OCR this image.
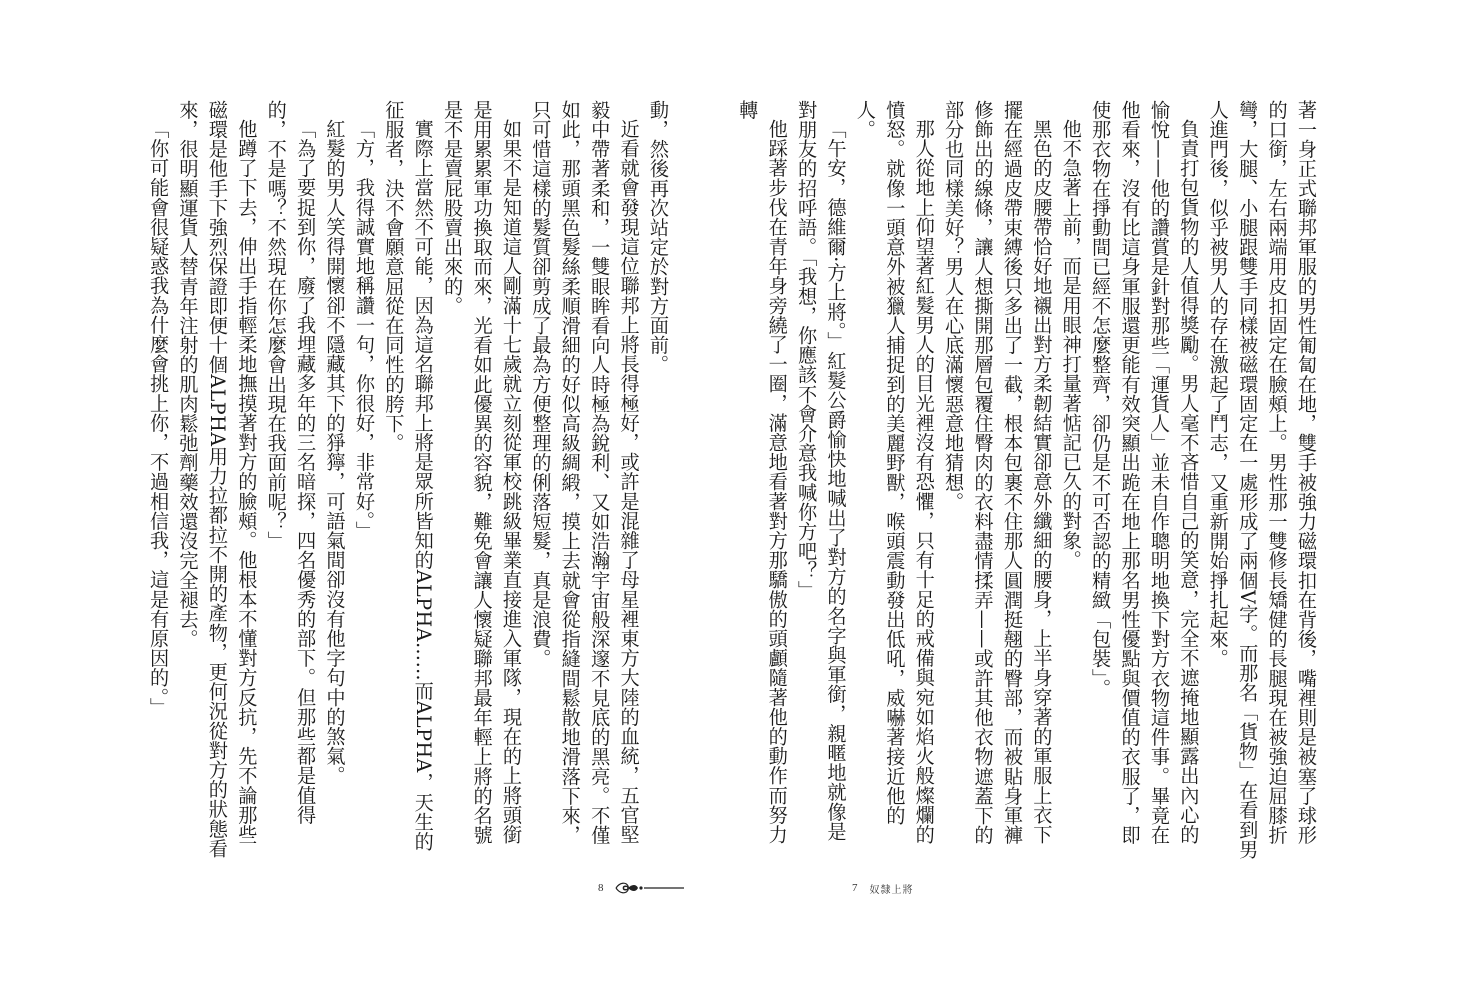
動，然後再次站定於對方面前。

近看就會發現這位聯邦上將長得極好，或許是混雜了母星裡東方大陸的血統，五官堅毅中帶著柔和，一雙眼眸看向人時極為銳利、又如浩瀚宇宙般深邃不見底的黑亮。不僅如此，那頭黑色髮絲柔順滑細的好似高級綢緞，摸上去就會從指縫間鬆散地滑落下來，只可惜這樣的髮質卻剪成了最為方便整理的俐落短髮，真是浪費。

如果不是知道這人剛滿十七歲就立刻從軍校跳級畢業直接進入軍隊，現在的上將頭銜是用累累軍功換取而來，光看如此優異的容貌，難免會讓人懷疑聯邦最年輕上將的名號是不是賣屁股賣出來的。

實際上當然不可能，因為這名聯邦上將是眾所皆知的ALPHA……而ALPHA，天生的征服者，決不會願意屈從在同性的胯下。

「方，我得誠實地稱讚一句，你很好，非常好。」

紅髮的男人笑得開懷卻不隱藏其下的猙獰，可語氣間卻沒有他字句中的煞氣。

「為了要捉到你，廢了我埋藏多年的三名暗探，四名優秀的部下。但那些都是值得的，不是嗎？不然現在你怎麼會出現在我面前呢？」

他蹲了下去，伸出手指輕柔地撫摸著對方的臉頰。他根本不懂對方反抗，先不論那些磁環是他手下強烈保證即便十個ALPHA用力拉都拉不開的產物，更何況從對方的狀態看來，很明顯運貨人替青年注射的肌肉鬆弛劑藥效還沒完全褪去。

「你可能會很疑惑我為什麼會挑上你，不過相信我，這是有原因的。」

8

著一身正式聯邦軍服的男性匍匐在地，雙手被強力磁環扣在背後，嘴裡則是被塞了球形的口銜，左右兩端用皮扣固定在臉頰上。男性那一雙修長矯健的長腿現在被強迫屈膝折彎，大腿、小腿跟雙手同樣被磁環固定在一處形成了兩個V字。而那名「貨物」在看到男人進門後，似乎被男人的存在激起了鬥志，又重新開始掙扎起來。

負責打包貨物的人值得獎勵。男人毫不吝惜自己的笑意，完全不遮掩地顯露出內心的愉悅——他的讚賞是針對那些「運貨人」並未自作聰明地換下對方衣物這件事。畢竟在他看來，沒有比這身軍服還更能有效突顯出跪在地上那名男性優點與價值的衣服了，即使那衣物在掙動間已經不怎麼整齊，卻仍是不可否認的精緻「包裝」。

他不急著上前，而是用眼神打量著惦記已久的對象。

黑色的皮腰帶恰好地襯出對方柔韌結實卻意外纖細的腰身，上半身穿著的軍服上衣下擺在經過皮帶束縛後只多出了一截，根本包裹不住那人圓潤挺翹的臀部，而被貼身軍褲修飾出的線條，讓人想撕開那層包覆住臀肉的衣料盡情揉弄——或許其他衣物遮蓋下的部分也同樣美好？男人在心底滿懷惡意地猜想。

那人從地上仰望著紅髮男人的目光裡沒有恐懼，只有十足的戒備與宛如焰火般燦爛的憤怒。就像一頭意外被獵人捕捉到的美麗野獸，喉頭震動發出低吼，威嚇著接近他的人。

「午安，德維爾·方上將。」紅髮公爵愉快地喊出了對方的名字與軍銜，親暱地就像是對朋友的招呼語。「我想，你應該不會介意我喊你方吧？」

他踩著步伐在青年身旁繞了一圈，滿意地看著對方那驕傲的頭顱隨著他的動作而努力轉

7 奴隸上將
